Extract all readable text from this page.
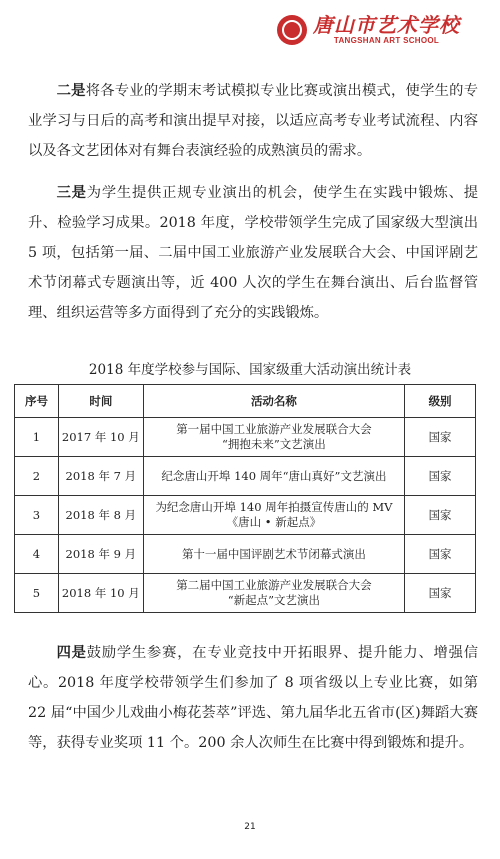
唐山市艺术学校
TANGSHAN ART SCHOOL

二是将各专业的学期末考试模拟专业比赛或演出模式，使学生的专业学习与日后的高考和演出提早对接，以适应高考专业考试流程、内容以及各文艺团体对有舞台表演经验的成熟演员的需求。

三是为学生提供正规专业演出的机会，使学生在实践中锻炼、提升、检验学习成果。2018 年度，学校带领学生完成了国家级大型演出 5 项，包括第一届、二届中国工业旅游产业发展联合大会、中国评剧艺术节闭幕式专题演出等，近 400 人次的学生在舞台演出、后台监督管理、组织运营等多方面得到了充分的实践锻炼。

2018 年度学校参与国际、国家级重大活动演出统计表
序号	时间	活动名称	级别
1	2017 年 10 月	第一届中国工业旅游产业发展联合大会
“拥抱未来”文艺演出	国家
2	2018 年 7 月	纪念唐山开埠 140 周年“唐山真好”文艺演出	国家
3	2018 年 8 月	为纪念唐山开埠 140 周年拍摄宣传唐山的 MV
《唐山 • 新起点》	国家
4	2018 年 9 月	第十一届中国评剧艺术节闭幕式演出	国家
5	2018 年 10 月	第二届中国工业旅游产业发展联合大会
“新起点”文艺演出	国家

四是鼓励学生参赛，在专业竞技中开拓眼界、提升能力、增强信心。2018 年度学校带领学生们参加了 8 项省级以上专业比赛，如第 22 届“中国少儿戏曲小梅花荟萃”评选、第九届华北五省市(区)舞蹈大赛等，获得专业奖项 11 个。200 余人次师生在比赛中得到锻炼和提升。

21
